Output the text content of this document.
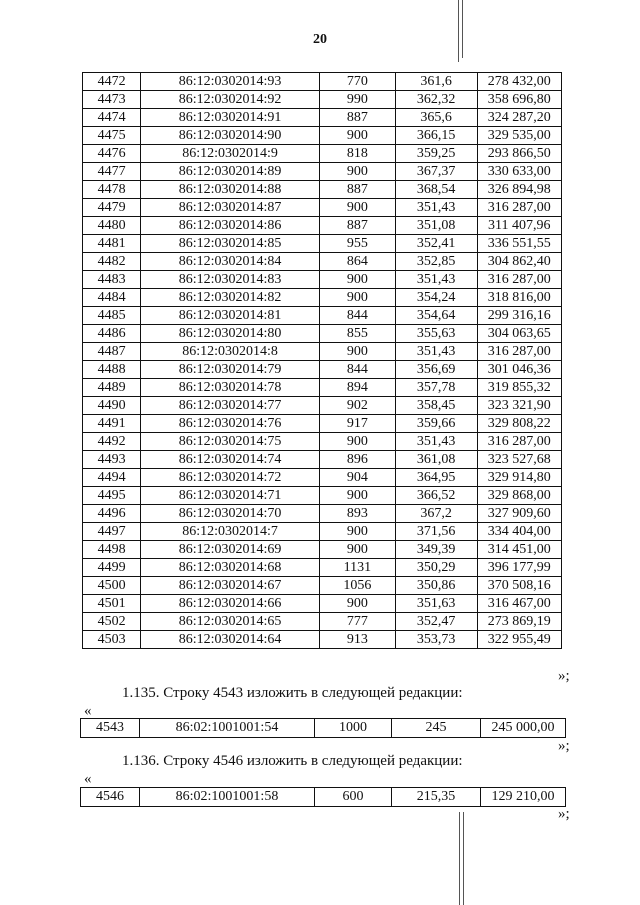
20
4472	86:12:0302014:93	770	361,6	278 432,00
4473	86:12:0302014:92	990	362,32	358 696,80
4474	86:12:0302014:91	887	365,6	324 287,20
4475	86:12:0302014:90	900	366,15	329 535,00
4476	86:12:0302014:9	818	359,25	293 866,50
4477	86:12:0302014:89	900	367,37	330 633,00
4478	86:12:0302014:88	887	368,54	326 894,98
4479	86:12:0302014:87	900	351,43	316 287,00
4480	86:12:0302014:86	887	351,08	311 407,96
4481	86:12:0302014:85	955	352,41	336 551,55
4482	86:12:0302014:84	864	352,85	304 862,40
4483	86:12:0302014:83	900	351,43	316 287,00
4484	86:12:0302014:82	900	354,24	318 816,00
4485	86:12:0302014:81	844	354,64	299 316,16
4486	86:12:0302014:80	855	355,63	304 063,65
4487	86:12:0302014:8	900	351,43	316 287,00
4488	86:12:0302014:79	844	356,69	301 046,36
4489	86:12:0302014:78	894	357,78	319 855,32
4490	86:12:0302014:77	902	358,45	323 321,90
4491	86:12:0302014:76	917	359,66	329 808,22
4492	86:12:0302014:75	900	351,43	316 287,00
4493	86:12:0302014:74	896	361,08	323 527,68
4494	86:12:0302014:72	904	364,95	329 914,80
4495	86:12:0302014:71	900	366,52	329 868,00
4496	86:12:0302014:70	893	367,2	327 909,60
4497	86:12:0302014:7	900	371,56	334 404,00
4498	86:12:0302014:69	900	349,39	314 451,00
4499	86:12:0302014:68	1131	350,29	396 177,99
4500	86:12:0302014:67	1056	350,86	370 508,16
4501	86:12:0302014:66	900	351,63	316 467,00
4502	86:12:0302014:65	777	352,47	273 869,19
4503	86:12:0302014:64	913	353,73	322 955,49
»;
1.135. Строку 4543 изложить в следующей редакции:
«
4543	86:02:1001001:54	1000	245	245 000,00
»;
1.136. Строку 4546 изложить в следующей редакции:
«
4546	86:02:1001001:58	600	215,35	129 210,00
»;
